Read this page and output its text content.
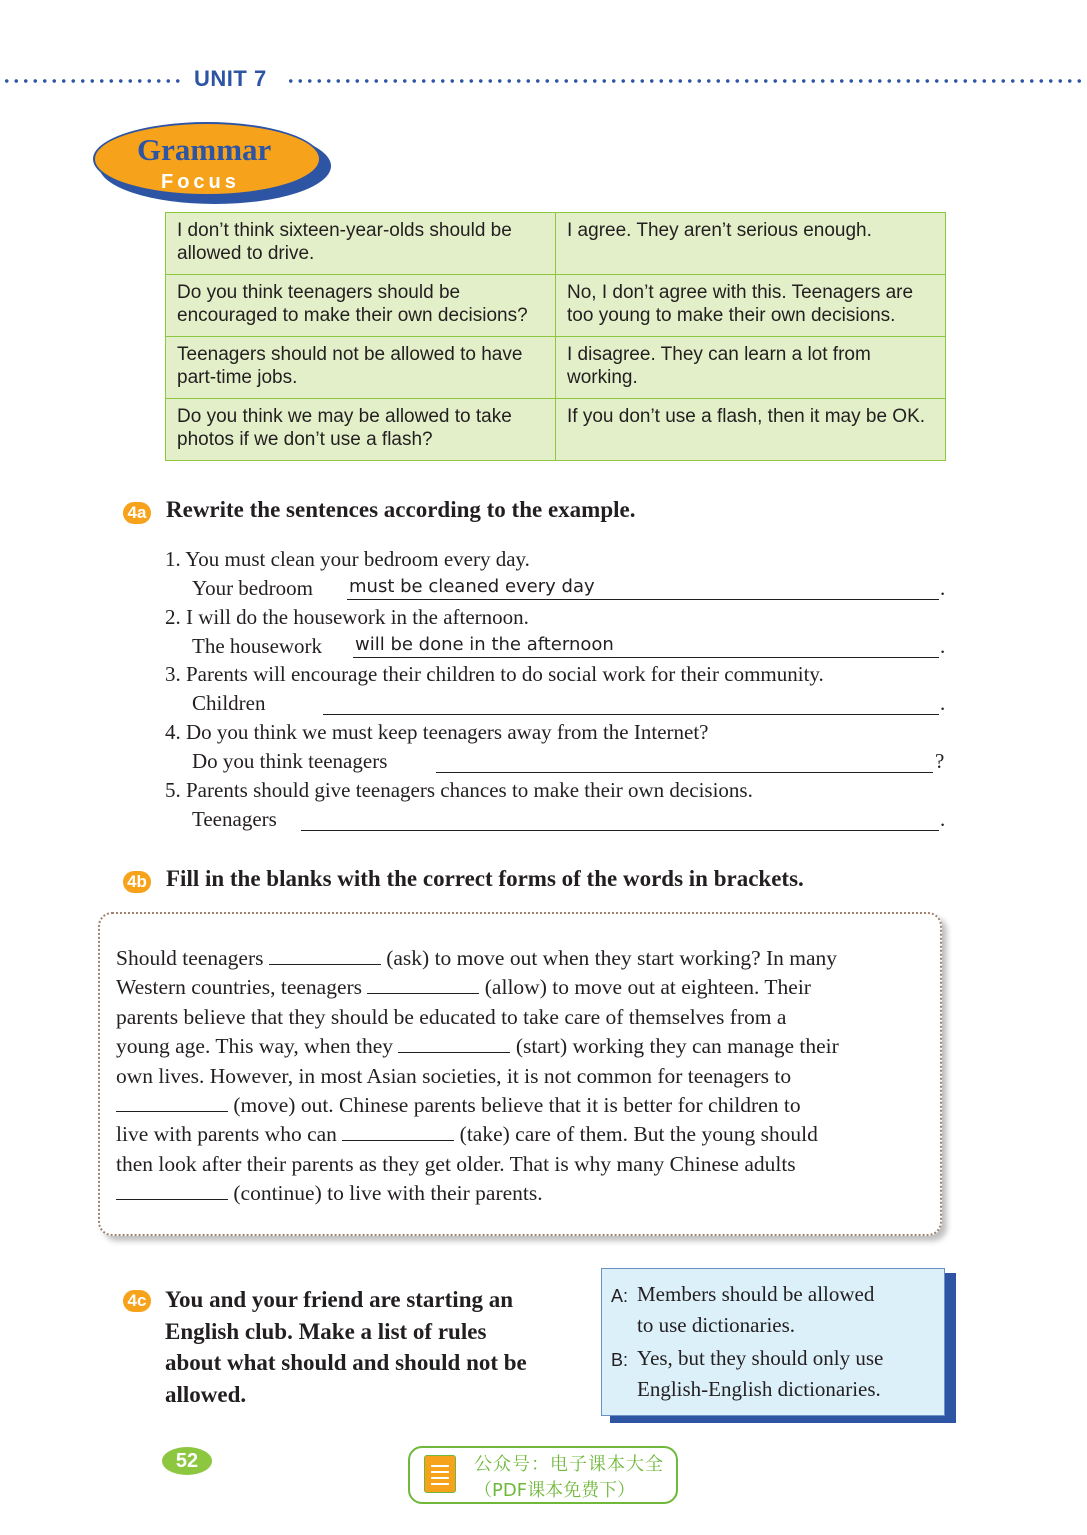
UNIT 7
Grammar
Focus
I don’t think sixteen-year-olds should be allowed to drive.	I agree. They aren’t serious enough.
Do you think teenagers should be encouraged to make their own decisions?	No, I don’t agree with this. Teenagers are too young to make their own decisions.
Teenagers should not be allowed to have part-time jobs.	I disagree. They can learn a lot from working.
Do you think we may be allowed to take photos if we don’t use a flash?	If you don’t use a flash, then it may be OK.
4a Rewrite the sentences according to the example.
1. You must clean your bedroom every day.
Your bedroom must be cleaned every day	.
2. I will do the housework in the afternoon.
The housework will be done in the afternoon	.
3. Parents will encourage their children to do social work for their community.
Children	.
4. Do you think we must keep teenagers away from the Internet?
Do you think teenagers	?
5. Parents should give teenagers chances to make their own decisions.
Teenagers	.
4b Fill in the blanks with the correct forms of the words in brackets.
Should teenagers	(ask) to move out when they start working? In many
Western countries, teenagers	(allow) to move out at eighteen. Their
parents believe that they should be educated to take care of themselves from a
young age. This way, when they	(start) working they can manage their
own lives. However, in most Asian societies, it is not common for teenagers to
(move) out. Chinese parents believe that it is better for children to
live with parents who can	(take) care of them. But the young should
then look after their parents as they get older. That is why many Chinese adults
(continue) to live with their parents.
4c You and your friend are starting an
English club. Make a list of rules
about what should and should not be
allowed.
A: Members should be allowed
to use dictionaries.
B: Yes, but they should only use
English-English dictionaries.
52	公众号：电子课本大全
（PDF课本免费下）
